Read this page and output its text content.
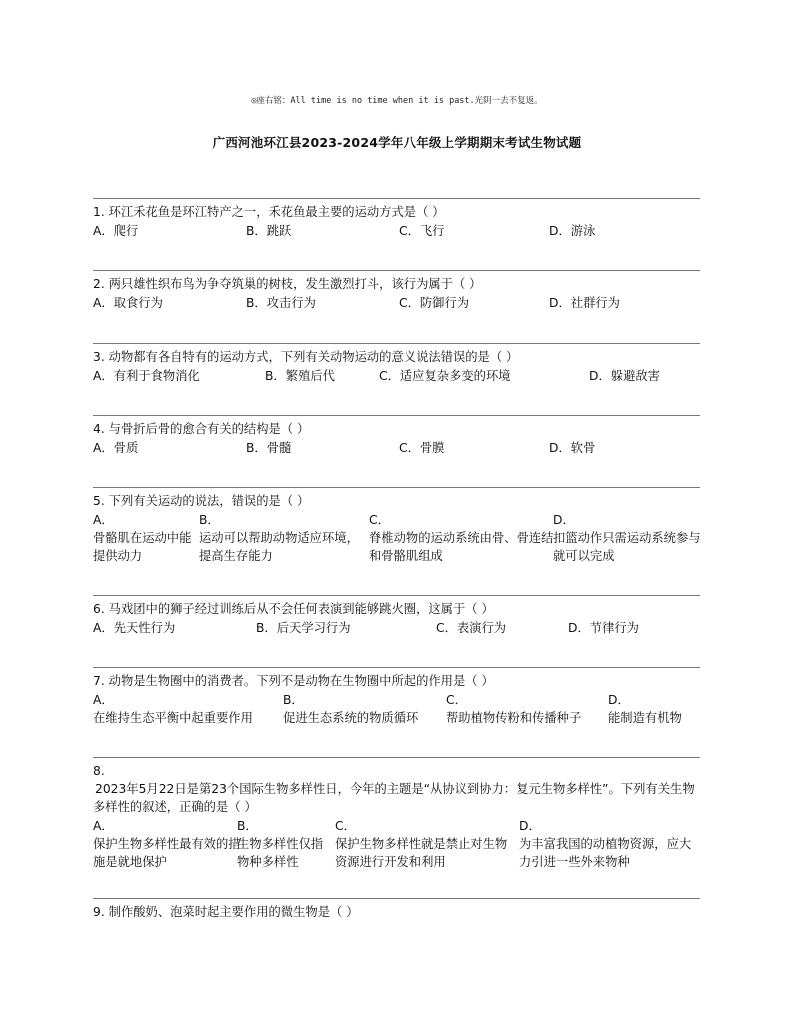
◎座右铭：All time is no time when it is past.光阴一去不复返。
广西河池环江县2023-2024学年八年级上学期期末考试生物试题
1. 环江禾花鱼是环江特产之一，禾花鱼最主要的运动方式是（ ）
A．爬行	B．跳跃	C．飞行	D．游泳
2. 两只雄性织布鸟为争夺筑巢的树枝，发生激烈打斗，该行为属于（ ）
A．取食行为	B．攻击行为	C．防御行为	D．社群行为
3. 动物都有各自特有的运动方式，下列有关动物运动的意义说法错误的是（ ）
A．有利于食物消化	B．繁殖后代	C．适应复杂多变的环境	D．躲避敌害
4. 与骨折后骨的愈合有关的结构是（ ）
A．骨质	B．骨髓	C．骨膜	D．软骨
5. 下列有关运动的说法，错误的是（ ）
A．
骨骼肌在运动中能提供动力
B．
运动可以帮助动物适应环境，提高生存能力
C．
脊椎动物的运动系统由骨、骨连结和骨骼肌组成
D．
扣篮动作只需运动系统参与就可以完成
6. 马戏团中的狮子经过训练后从不会任何表演到能够跳火圈，这属于（ ）
A．先天性行为	B．后天学习行为	C．表演行为	D．节律行为
7. 动物是生物圈中的消费者。下列不是动物在生物圈中所起的作用是（ ）
A．
在维持生态平衡中起重要作用
B．
促进生态系统的物质循环
C．
帮助植物传粉和传播种子
D．
能制造有机物
8.
2023年5月22日是第23个国际生物多样性日，今年的主题是“从协议到协力：复元生物多样性”。下列有关生物多样性的叙述，正确的是（ ）
A．
保护生物多样性最有效的措施是就地保护
B．
生物多样性仅指物种多样性
C．
保护生物多样性就是禁止对生物资源进行开发和利用
D．
为丰富我国的动植物资源，应大力引进一些外来物种
9. 制作酸奶、泡菜时起主要作用的微生物是（ ）
